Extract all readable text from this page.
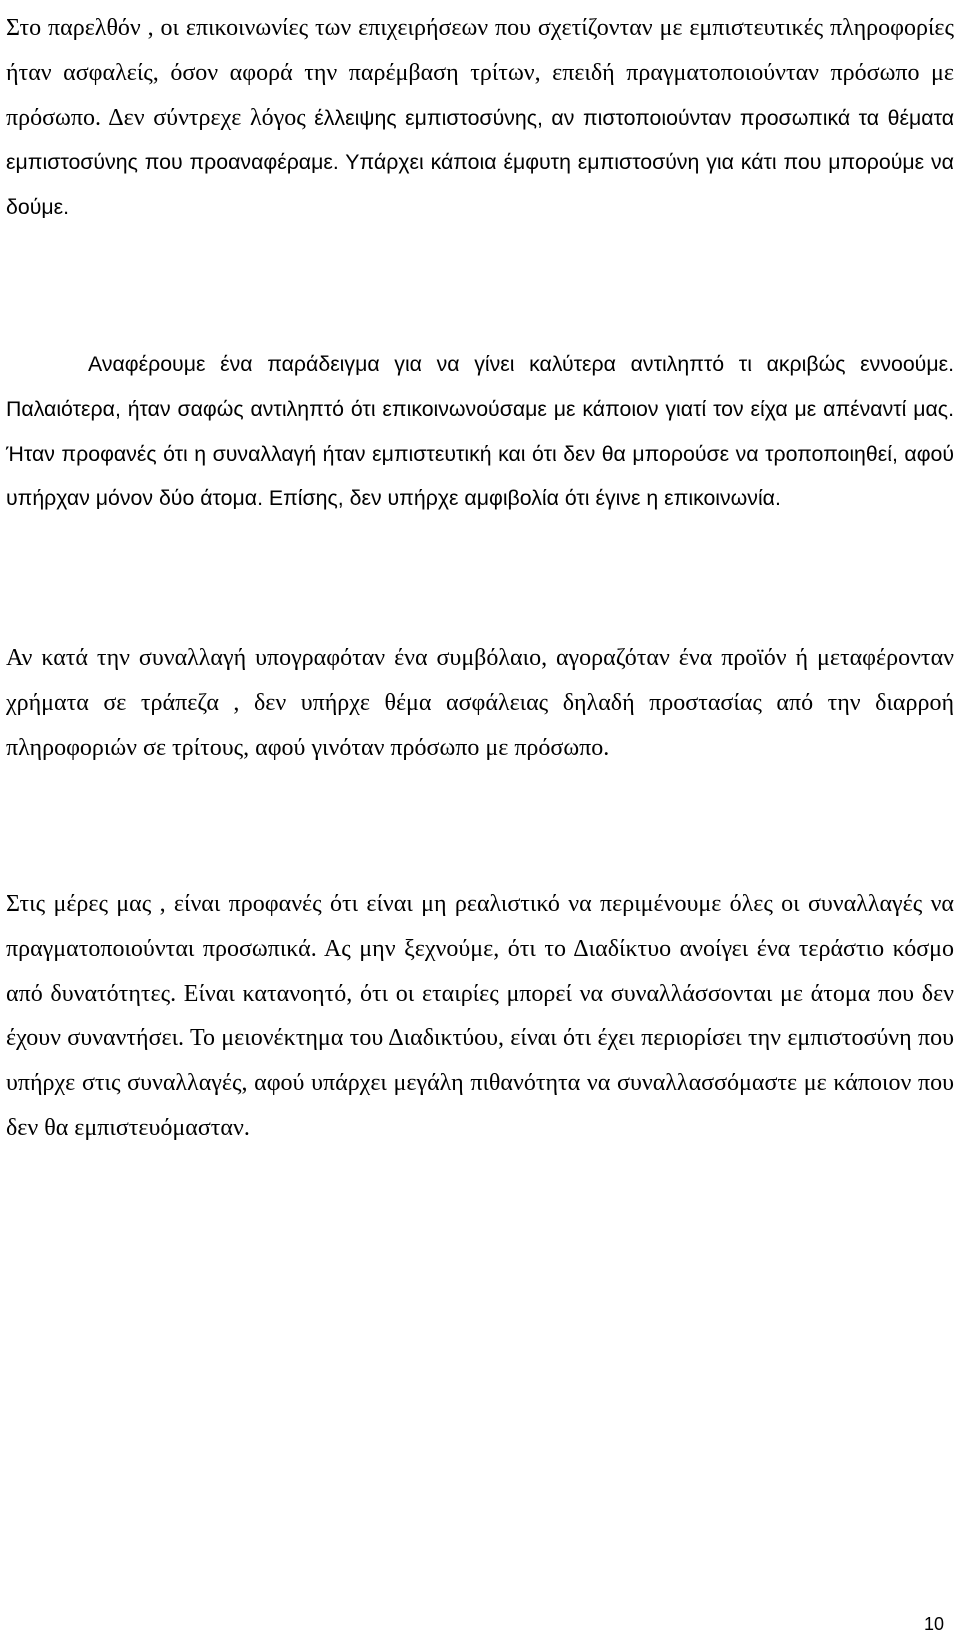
Στο παρελθόν , οι επικοινωνίες των επιχειρήσεων που σχετίζονταν με εμπιστευτικές πληροφορίες ήταν ασφαλείς, όσον αφορά την παρέμβαση τρίτων, επειδή πραγματοποιούνταν πρόσωπο με πρόσωπο. Δεν σύντρεχε λόγος έλλειψης εμπιστοσύνης, αν πιστοποιούνταν προσωπικά τα θέματα εμπιστοσύνης που προαναφέραμε. Υπάρχει κάποια έμφυτη εμπιστοσύνη για κάτι που μπορούμε να δούμε.

Αναφέρουμε ένα παράδειγμα για να γίνει καλύτερα αντιληπτό τι ακριβώς εννοούμε. Παλαιότερα, ήταν σαφώς αντιληπτό ότι επικοινωνούσαμε με κάποιον γιατί τον είχα με απέναντί μας. Ήταν προφανές ότι η συναλλαγή ήταν εμπιστευτική και ότι δεν θα μπορούσε να τροποποιηθεί, αφού υπήρχαν μόνον δύο άτομα. Επίσης, δεν υπήρχε αμφιβολία ότι έγινε η επικοινωνία.

Αν κατά την συναλλαγή υπογραφόταν ένα συμβόλαιο, αγοραζόταν ένα προϊόν ή μεταφέρονταν χρήματα σε τράπεζα , δεν υπήρχε θέμα ασφάλειας δηλαδή προστασίας από την διαρροή πληροφοριών σε τρίτους, αφού γινόταν πρόσωπο με πρόσωπο.

Στις μέρες μας , είναι προφανές ότι είναι μη ρεαλιστικό να περιμένουμε όλες οι συναλλαγές να πραγματοποιούνται προσωπικά. Ας μην ξεχνούμε, ότι το Διαδίκτυο ανοίγει ένα τεράστιο κόσμο από δυνατότητες. Είναι κατανοητό, ότι οι εταιρίες μπορεί να συναλλάσσονται με άτομα που δεν έχουν συναντήσει. Το μειονέκτημα του Διαδικτύου, είναι ότι έχει περιορίσει την εμπιστοσύνη που υπήρχε στις συναλλαγές, αφού υπάρχει μεγάλη πιθανότητα να συναλλασσόμαστε με κάποιον που δεν θα εμπιστευόμασταν.

10
